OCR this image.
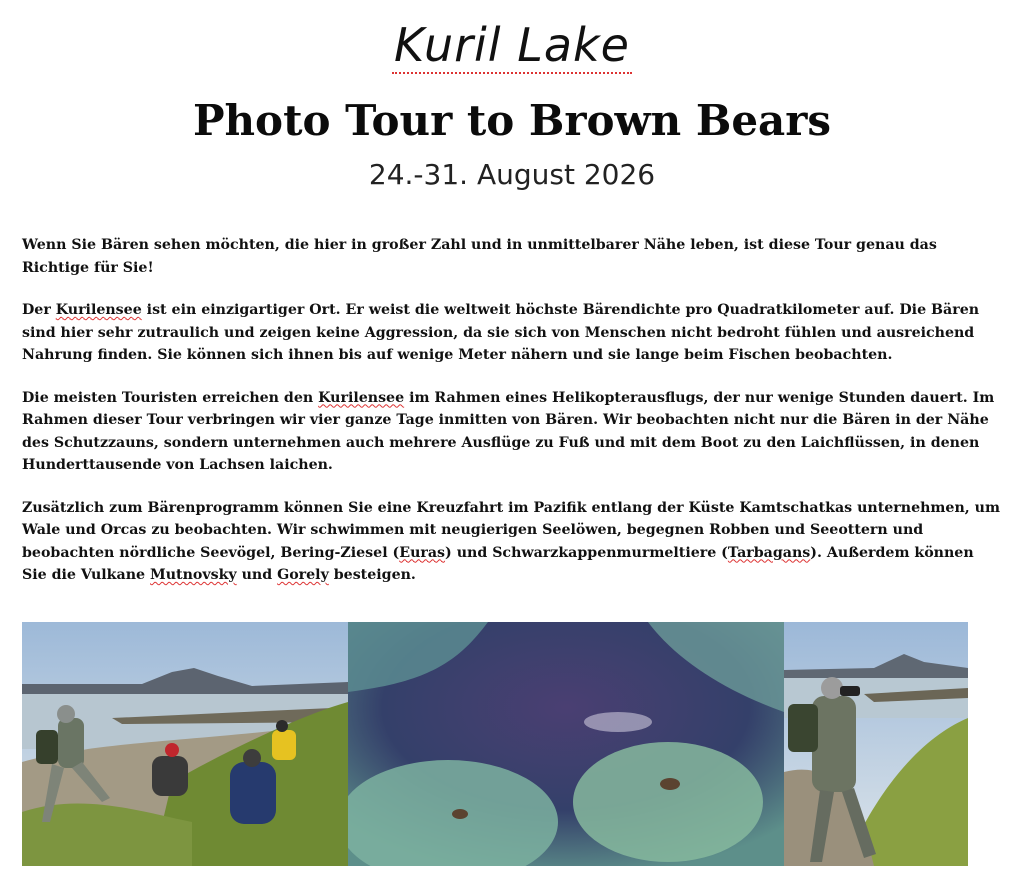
Kuril Lake
Photo Tour to Brown Bears
24.-31. August 2026

Wenn Sie Bären sehen möchten, die hier in großer Zahl und in unmittelbarer Nähe leben, ist diese Tour genau das Richtige für Sie!

Der Kurilensee ist ein einzigartiger Ort. Er weist die weltweit höchste Bärendichte pro Quadratkilometer auf. Die Bären sind hier sehr zutraulich und zeigen keine Aggression, da sie sich von Menschen nicht bedroht fühlen und ausreichend Nahrung finden. Sie können sich ihnen bis auf wenige Meter nähern und sie lange beim Fischen beobachten.

Die meisten Touristen erreichen den Kurilensee im Rahmen eines Helikopterausflugs, der nur wenige Stunden dauert. Im Rahmen dieser Tour verbringen wir vier ganze Tage inmitten von Bären. Wir beobachten nicht nur die Bären in der Nähe des Schutzzauns, sondern unternehmen auch mehrere Ausflüge zu Fuß und mit dem Boot zu den Laichflüssen, in denen Hunderttausende von Lachsen laichen.

Zusätzlich zum Bärenprogramm können Sie eine Kreuzfahrt im Pazifik entlang der Küste Kamtschatkas unternehmen, um Wale und Orcas zu beobachten. Wir schwimmen mit neugierigen Seelöwen, begegnen Robben und Seeottern und beobachten nördliche Seevögel, Bering-Ziesel (Euras) und Schwarzkappenmurmeltiere (Tarbagans). Außerdem können Sie die Vulkane Mutnovsky und Gorely besteigen.
